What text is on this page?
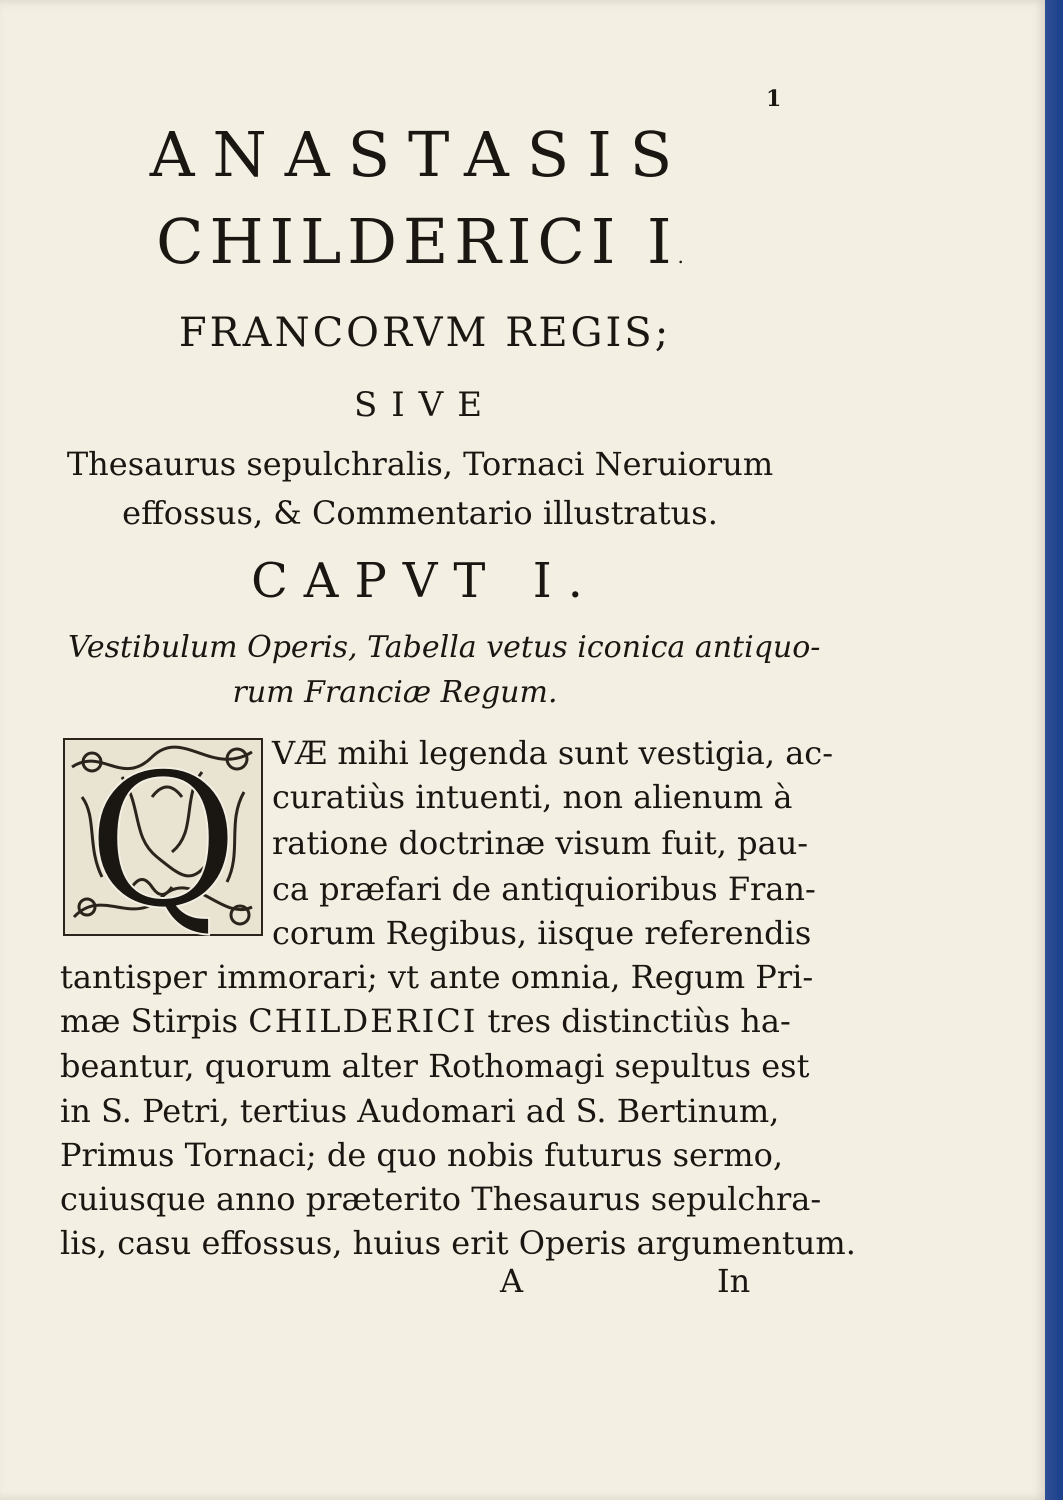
1
ANASTASIS
CHILDERICI I.
FRANCORVM REGIS;
SIVE
Thesaurus sepulchralis, Tornaci Neruiorum
effossus, & Commentario illustratus.
CAPVT I.
Vestibulum Operis, Tabella vetus iconica antiquo-
rum Franciæ Regum.
Q VÆ mihi legenda sunt vestigia, ac-
curatiùs intuenti, non alienum à
ratione doctrinæ visum fuit, pau-
ca præfari de antiquioribus Fran-
corum Regibus, iisque referendis
tantisper immorari; vt ante omnia, Regum Pri-
mæ Stirpis CHILDERICI tres distinctiùs ha-
beantur, quorum alter Rothomagi sepultus est
in S. Petri, tertius Audomari ad S. Bertinum,
Primus Tornaci; de quo nobis futurus sermo,
cuiusque anno præterito Thesaurus sepulchra-
lis, casu effossus, huius erit Operis argumentum.
A	In
